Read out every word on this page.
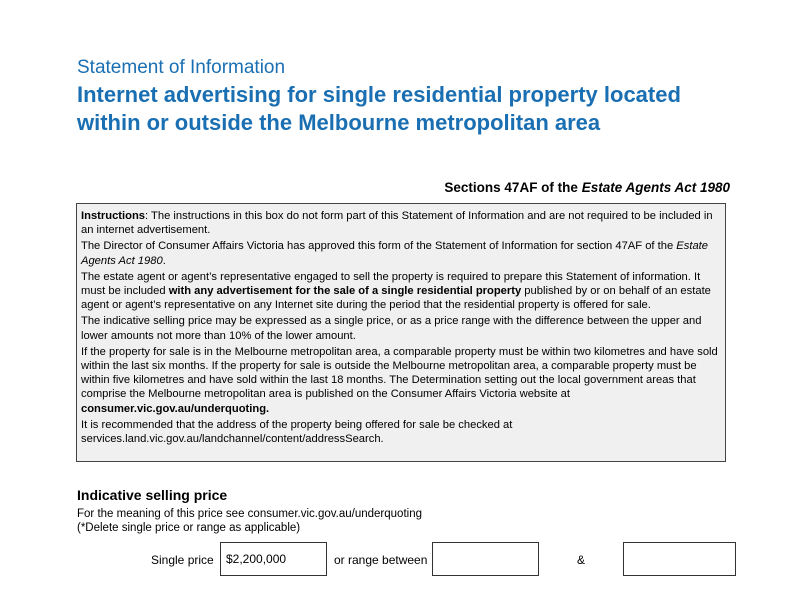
Statement of Information
Internet advertising for single residential property located within or outside the Melbourne metropolitan area
Sections 47AF of the Estate Agents Act 1980

Instructions: The instructions in this box do not form part of this Statement of Information and are not required to be included in an internet advertisement.

The Director of Consumer Affairs Victoria has approved this form of the Statement of Information for section 47AF of the Estate Agents Act 1980.

The estate agent or agent’s representative engaged to sell the property is required to prepare this Statement of information. It must be included with any advertisement for the sale of a single residential property published by or on behalf of an estate agent or agent’s representative on any Internet site during the period that the residential property is offered for sale.

The indicative selling price may be expressed as a single price, or as a price range with the difference between the upper and lower amounts not more than 10% of the lower amount.

If the property for sale is in the Melbourne metropolitan area, a comparable property must be within two kilometres and have sold within the last six months. If the property for sale is outside the Melbourne metropolitan area, a comparable property must be within five kilometres and have sold within the last 18 months. The Determination setting out the local government areas that comprise the Melbourne metropolitan area is published on the Consumer Affairs Victoria website at consumer.vic.gov.au/underquoting.

It is recommended that the address of the property being offered for sale be checked at services.land.vic.gov.au/landchannel/content/addressSearch.

Indicative selling price
For the meaning of this price see consumer.vic.gov.au/underquoting
(*Delete single price or range as applicable)
Single price	$2,200,000	or range between	&
